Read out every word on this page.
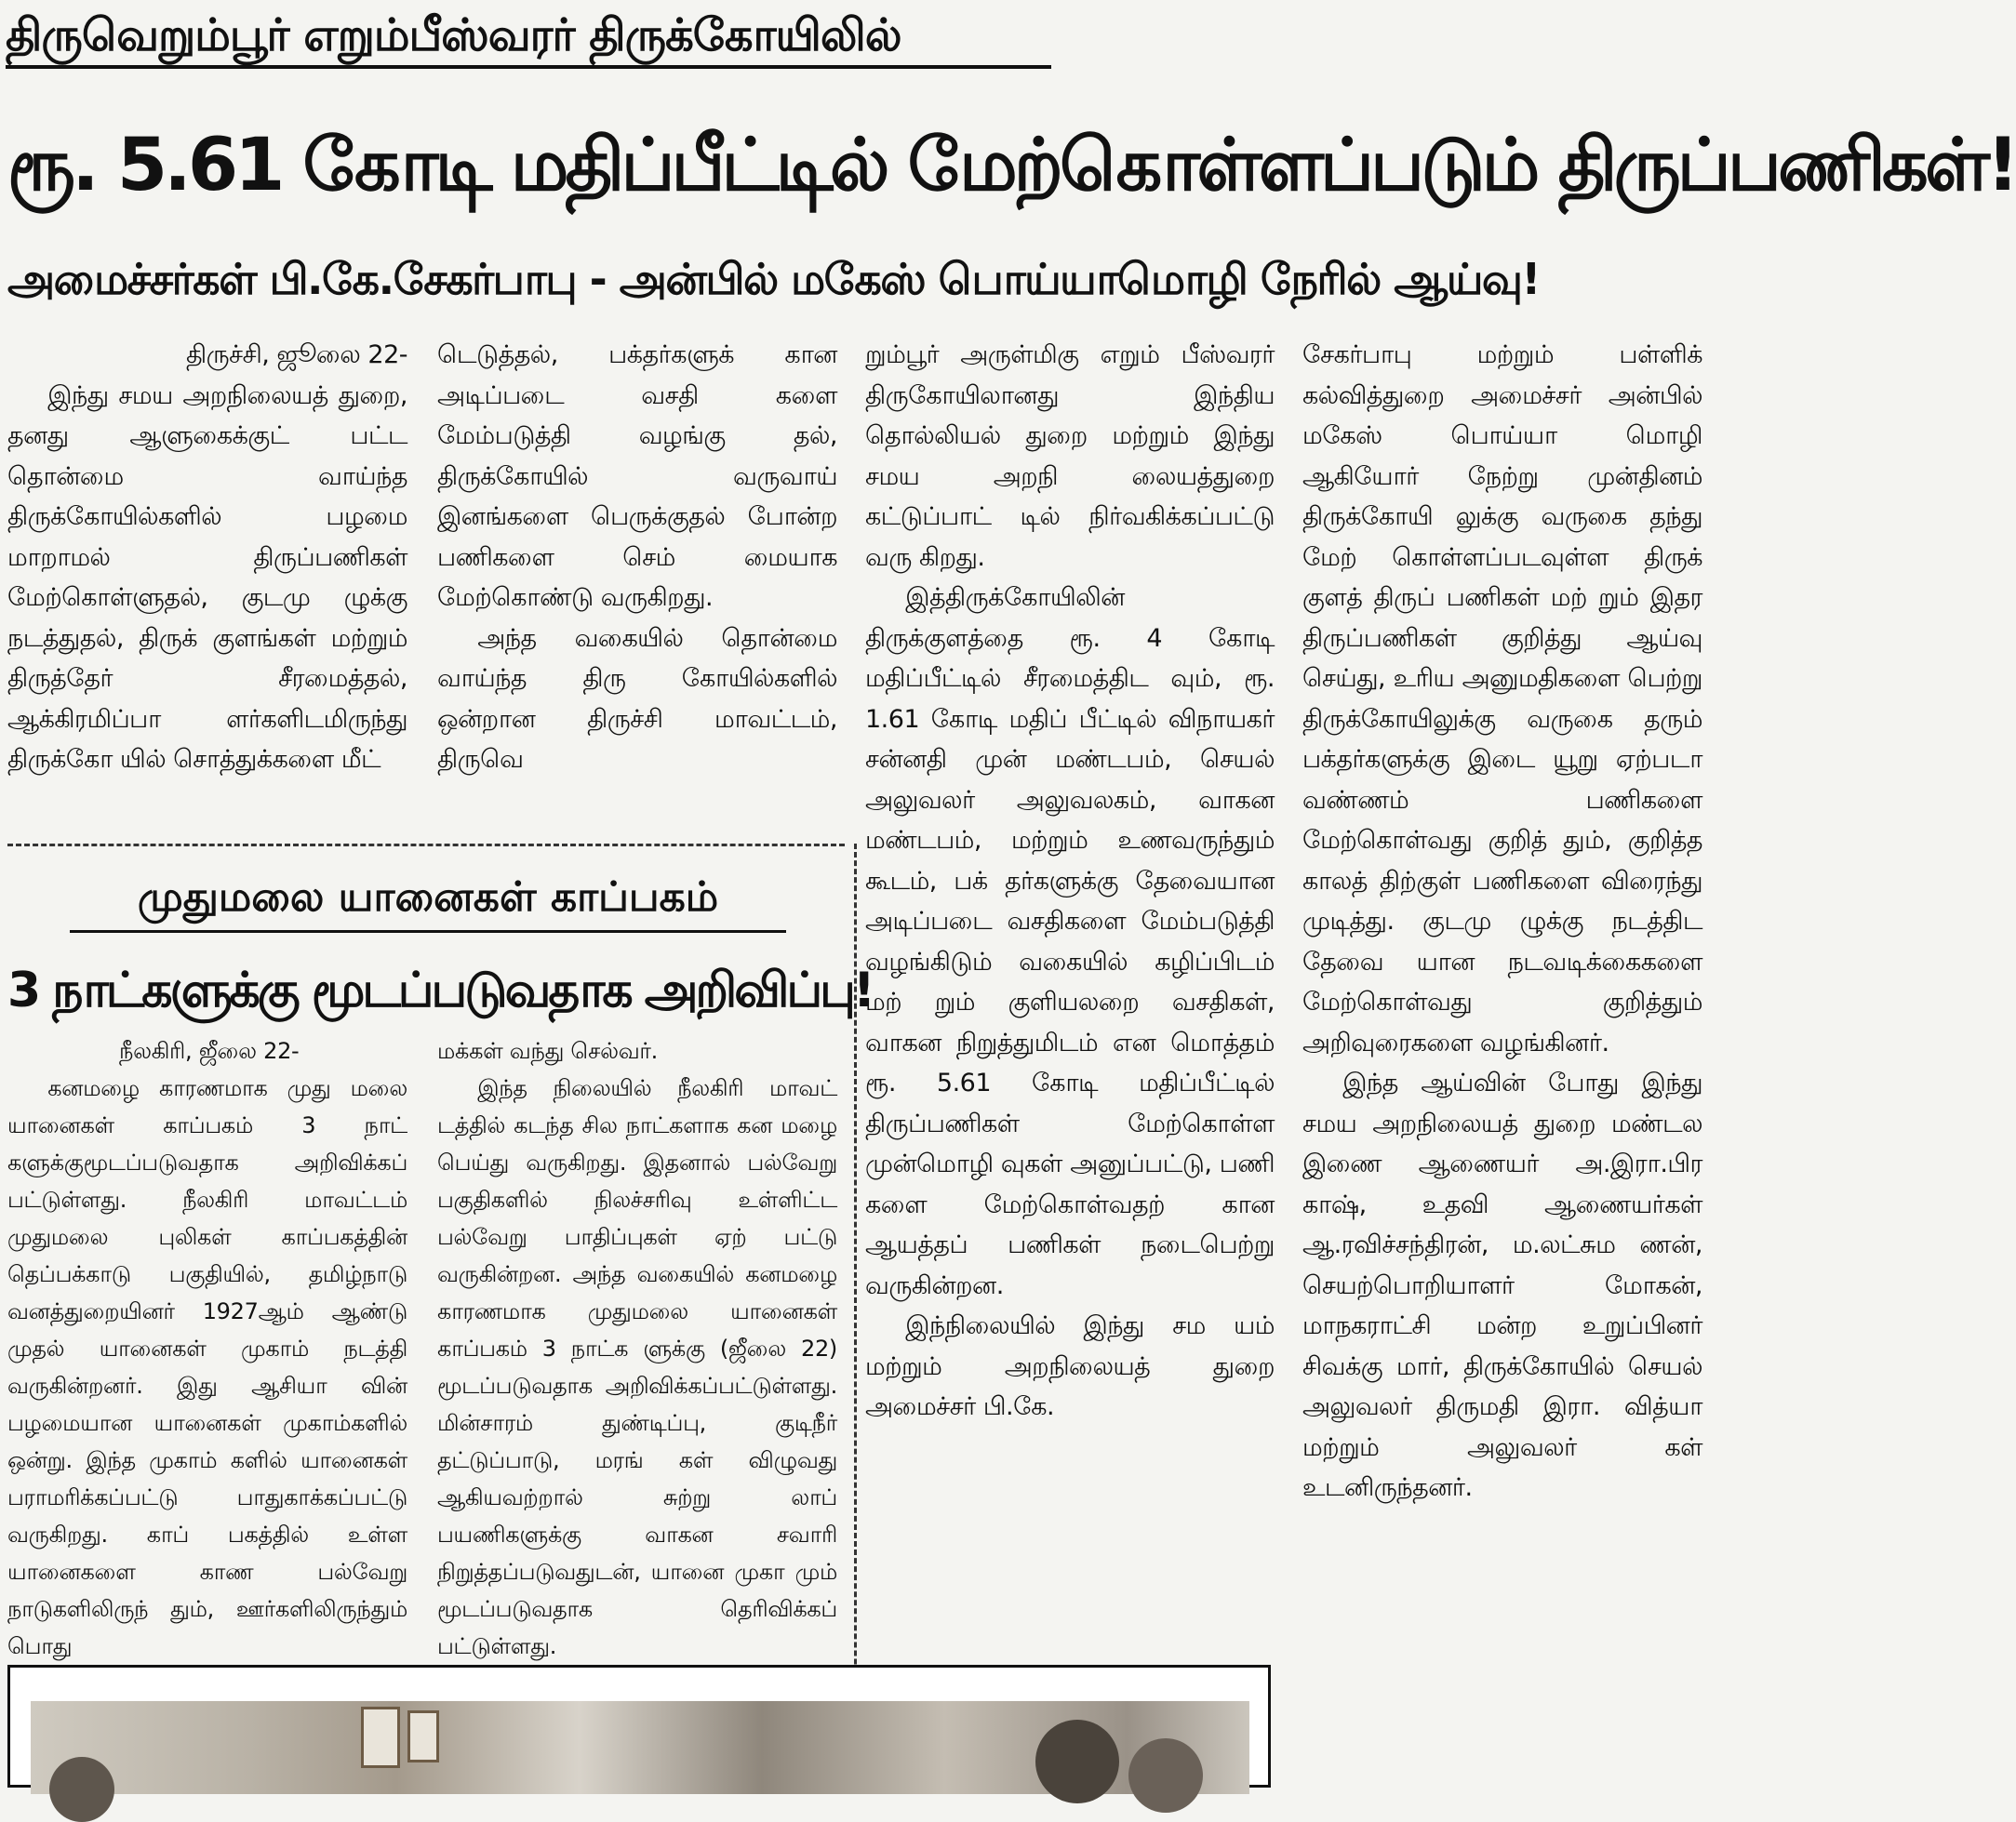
திருவெறும்பூர் எறும்பீஸ்வரர் திருக்கோயிலில்
ரூ. 5.61 கோடி மதிப்பீட்டில் மேற்கொள்ளப்படும் திருப்பணிகள்!
அமைச்சர்கள் பி.கே.சேகர்பாபு - அன்பில் மகேஸ் பொய்யாமொழி நேரில் ஆய்வு!

திருச்சி, ஜூலை 22-

இந்து சமய அறநிலையத் துறை, தனது ஆளுகைக்குட் பட்ட தொன்மை வாய்ந்த திருக்கோயில்களில் பழமை மாறாமல் திருப்பணிகள் மேற்கொள்ளுதல், குடமு ழுக்கு நடத்துதல், திருக் குளங்கள் மற்றும் திருத்தேர் சீரமைத்தல், ஆக்கிரமிப்பா ளர்களிடமிருந்து திருக்கோ யில் சொத்துக்களை மீட்

டெடுத்தல், பக்தர்களுக் கான அடிப்படை வசதி களை மேம்படுத்தி வழங்கு தல், திருக்கோயில் வருவாய் இனங்களை பெருக்குதல் போன்ற பணிகளை செம் மையாக மேற்கொண்டு வருகிறது.

அந்த வகையில் தொன்மை வாய்ந்த திரு கோயில்களில் ஒன்றான திருச்சி மாவட்டம், திருவெ

றும்பூர் அருள்மிகு எறும் பீஸ்வரர் திருகோயிலானது இந்திய தொல்லியல் துறை மற்றும் இந்து சமய அறநி லையத்துறை கட்டுப்பாட் டில் நிர்வகிக்கப்பட்டு வரு கிறது.

இத்திருக்கோயிலின் திருக்குளத்தை ரூ. 4 கோடி மதிப்பீட்டில் சீரமைத்திட வும், ரூ. 1.61 கோடி மதிப் பீட்டில் விநாயகர் சன்னதி முன் மண்டபம், செயல் அலுவலர் அலுவலகம், வாகன மண்டபம், மற்றும் உணவருந்தும் கூடம், பக் தர்களுக்கு தேவையான அடிப்படை வசதிகளை மேம்படுத்தி வழங்கிடும் வகையில் கழிப்பிடம் மற் றும் குளியலறை வசதிகள், வாகன நிறுத்துமிடம் என மொத்தம் ரூ. 5.61 கோடி மதிப்பீட்டில் திருப்பணிகள் மேற்கொள்ள முன்மொழி வுகள் அனுப்பட்டு, பணி களை மேற்கொள்வதற் கான ஆயத்தப் பணிகள் நடைபெற்று வருகின்றன.

இந்நிலையில் இந்து சம யம் மற்றும் அறநிலையத் துறை அமைச்சர் பி.கே.

சேகர்பாபு மற்றும் பள்ளிக் கல்வித்துறை அமைச்சர் அன்பில் மகேஸ் பொய்யா மொழி ஆகியோர் நேற்று முன்தினம் திருக்கோயி லுக்கு வருகை தந்து மேற் கொள்ளப்படவுள்ள திருக் குளத் திருப் பணிகள் மற் றும் இதர திருப்பணிகள் குறித்து ஆய்வு செய்து, உரிய அனுமதிகளை பெற்று திருக்கோயிலுக்கு வருகை தரும் பக்தர்களுக்கு இடை யூறு ஏற்படா வண்ணம் பணிகளை மேற்கொள்வது குறித் தும், குறித்த காலத் திற்குள் பணிகளை விரைந்து முடித்து. குடமு ழுக்கு நடத்திட தேவை யான நடவடிக்கைகளை மேற்கொள்வது குறித்தும் அறிவுரைகளை வழங்கினர்.

இந்த ஆய்வின் போது இந்து சமய அறநிலையத் துறை மண்டல இணை ஆணையர் அ.இரா.பிர காஷ், உதவி ஆணையர்கள் ஆ.ரவிச்சந்திரன், ம.லட்சும ணன், செயற்பொறியாளர் மோகன், மாநகராட்சி மன்ற உறுப்பினர் சிவக்கு மார், திருக்கோயில் செயல் அலுவலர் திருமதி இரா. வித்யா மற்றும் அலுவலர் கள் உடனிருந்தனர்.

முதுமலை யானைகள் காப்பகம்
3 நாட்களுக்கு மூடப்படுவதாக அறிவிப்பு!

நீலகிரி, ஜீலை 22-

கனமழை காரணமாக முது மலை யானைகள் காப்பகம் 3 நாட் களுக்குமூடப்படுவதாக அறிவிக்கப் பட்டுள்ளது. நீலகிரி மாவட்டம் முதுமலை புலிகள் காப்பகத்தின் தெப்பக்காடு பகுதியில், தமிழ்நாடு வனத்துறையினர் 1927ஆம் ஆண்டு முதல் யானைகள் முகாம் நடத்தி வருகின்றனர். இது ஆசியா வின் பழமையான யானைகள் முகாம்களில் ஒன்று. இந்த முகாம் களில் யானைகள் பராமரிக்கப்பட்டு பாதுகாக்கப்பட்டு வருகிறது. காப் பகத்தில் உள்ள யானைகளை காண பல்வேறு நாடுகளிலிருந் தும், ஊர்களிலிருந்தும் பொது

மக்கள் வந்து செல்வர்.

இந்த நிலையில் நீலகிரி மாவட் டத்தில் கடந்த சில நாட்களாக கன மழை பெய்து வருகிறது. இதனால் பல்வேறு பகுதிகளில் நிலச்சரிவு உள்ளிட்ட பல்வேறு பாதிப்புகள் ஏற் பட்டு வருகின்றன. அந்த வகையில் கனமழை காரணமாக முதுமலை யானைகள் காப்பகம் 3 நாட்க ளுக்கு (ஜீலை 22) மூடப்படுவதாக அறிவிக்கப்பட்டுள்ளது. மின்சாரம் துண்டிப்பு, குடிநீர் தட்டுப்பாடு, மரங் கள் விழுவது ஆகியவற்றால் சுற்று லாப் பயணிகளுக்கு வாகன சவாரி நிறுத்தப்படுவதுடன், யானை முகா மும் மூடப்படுவதாக தெரிவிக்கப் பட்டுள்ளது.
